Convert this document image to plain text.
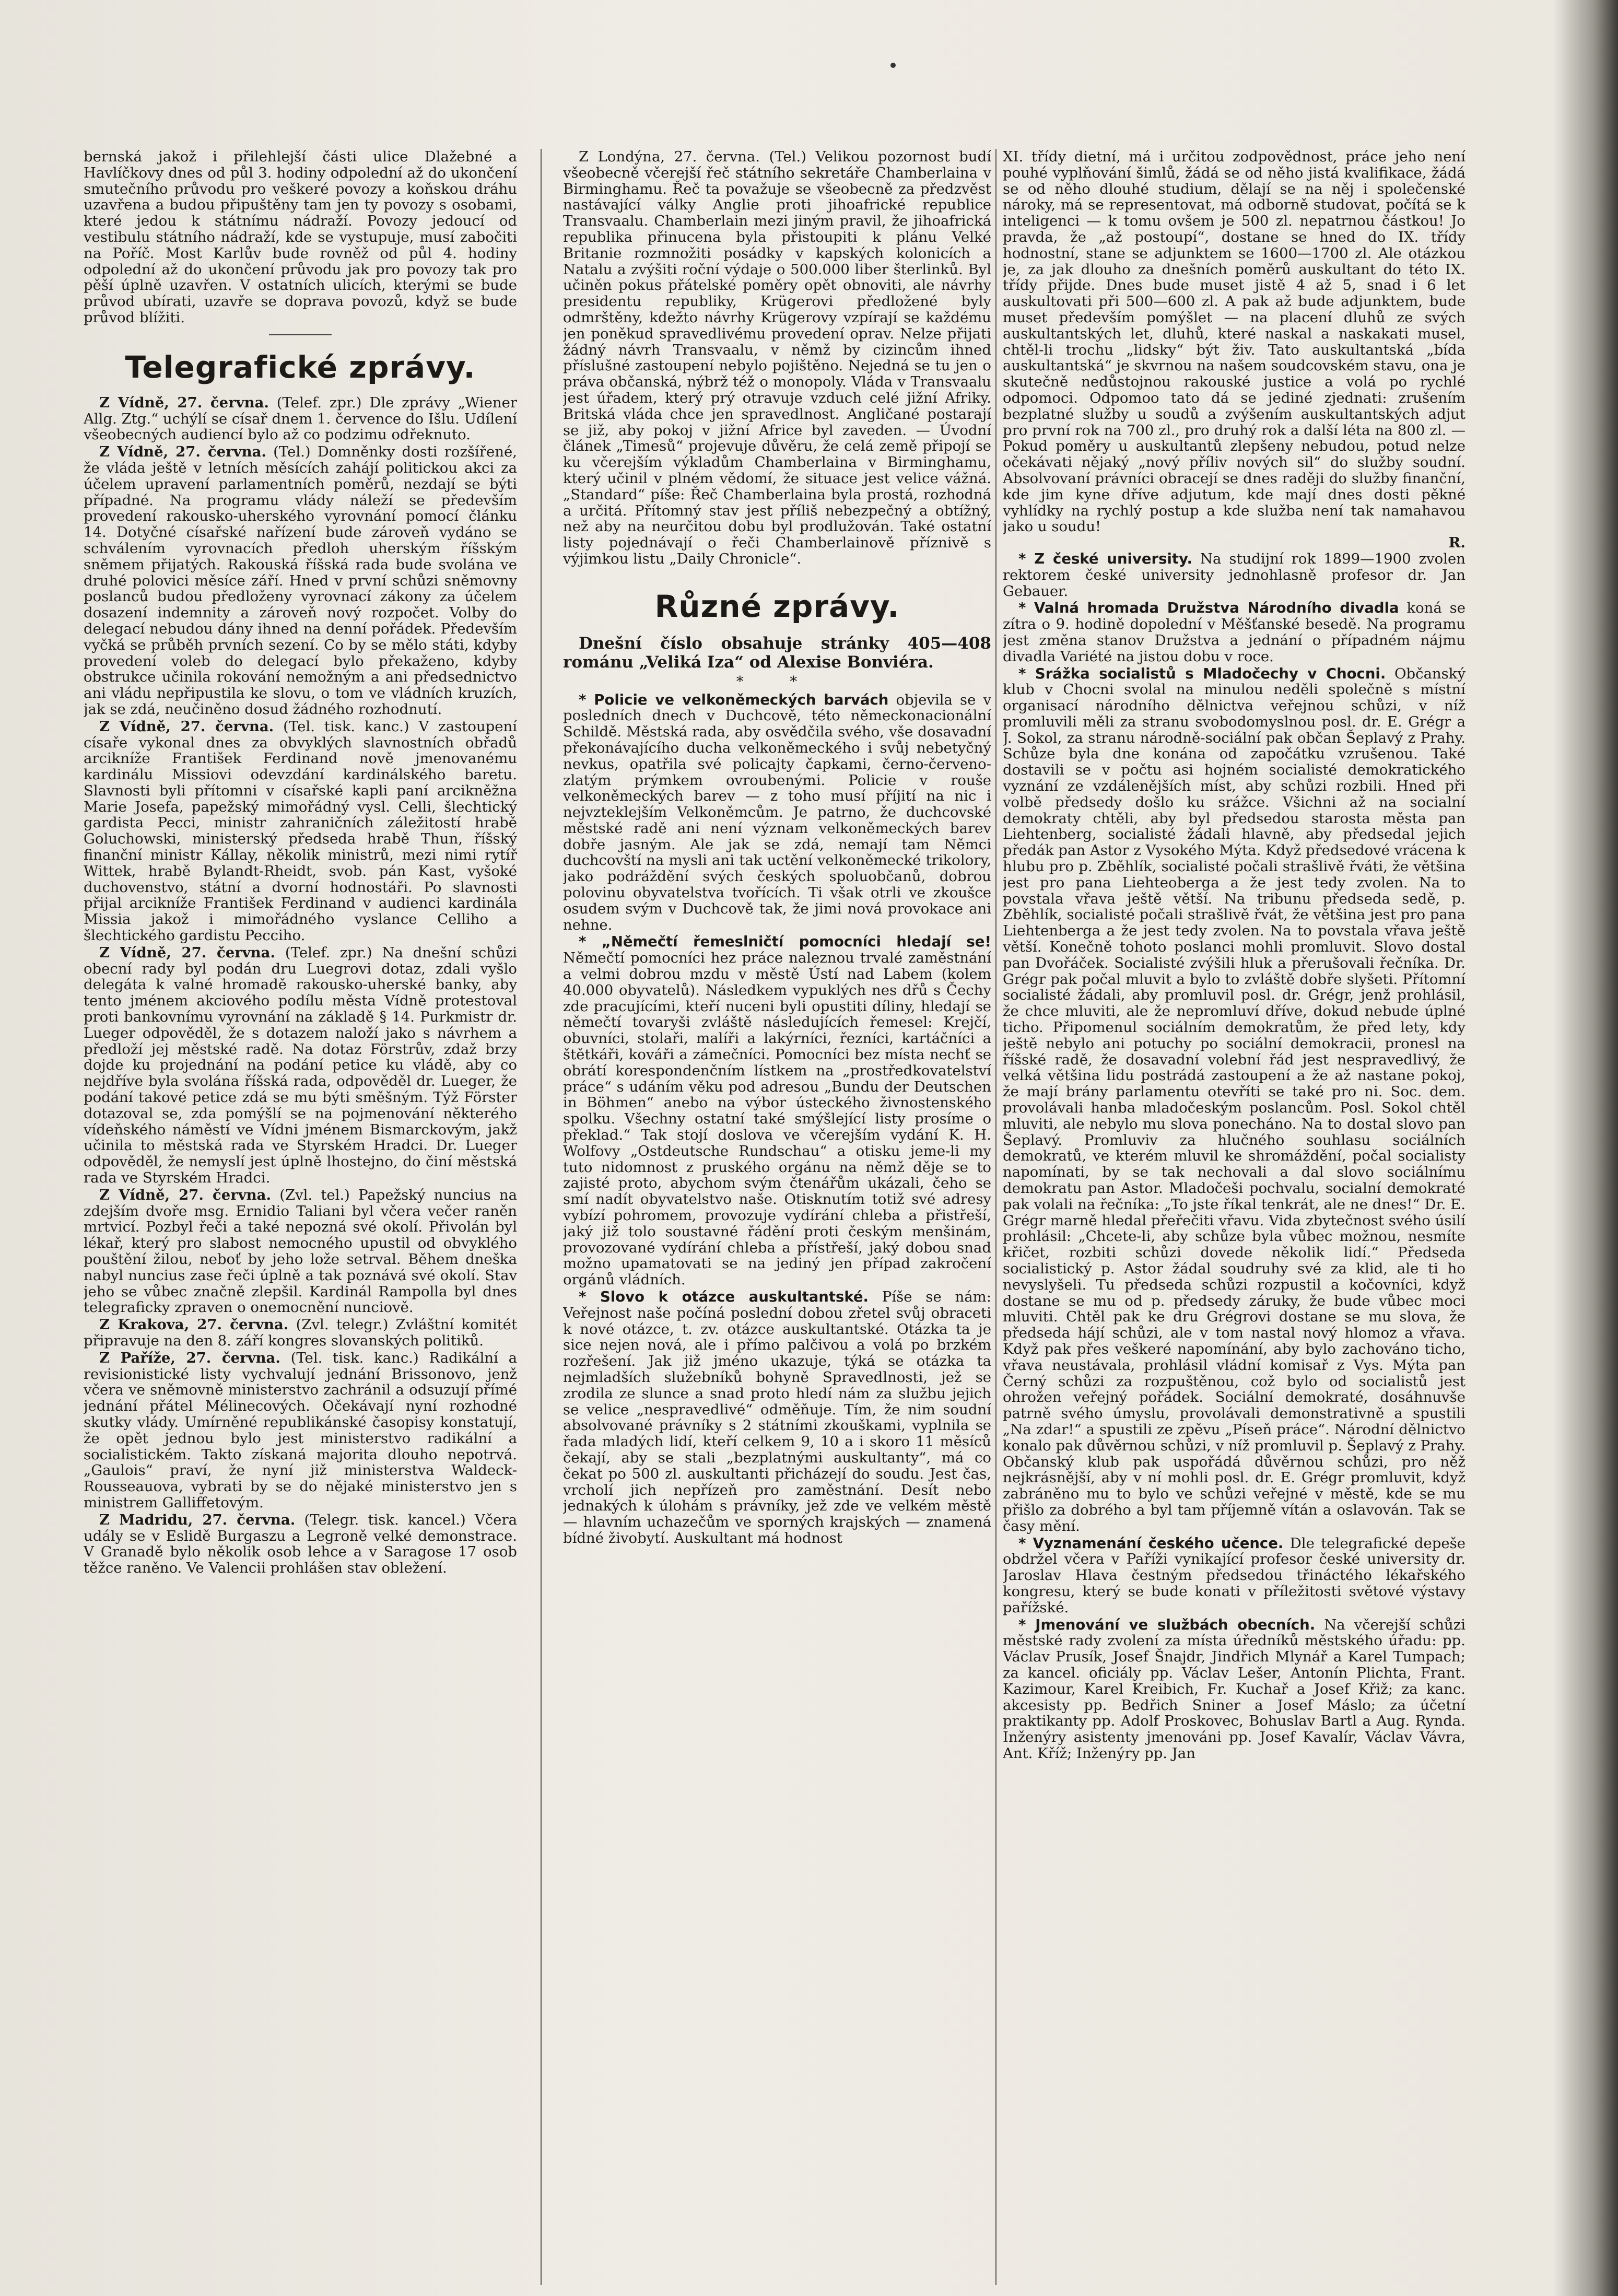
bernská jakož i přilehlejší části ulice Dlažebné a Havlíčkovy dnes od půl 3. hodiny odpolední až do ukončení smutečního průvodu pro veškeré povozy a koňskou dráhu uzavřena a budou připuštěny tam jen ty povozy s osobami, které jedou k státnímu nádraží. Povozy jedoucí od vestibulu státního nádraží, kde se vystupuje, musí zabočiti na Poříč. Most Karlův bude rovněž od půl 4. hodiny odpolední až do ukončení průvodu jak pro povozy tak pro pěší úplně uzavřen. V ostatních ulicích, kterými se bude průvod ubírati, uzavře se doprava povozů, když se bude průvod blížiti.

Telegrafické zprávy.

Z Vídně, 27. června. (Telef. zpr.) Dle zprávy „Wiener Allg. Ztg.“ uchýlí se císař dnem 1. července do Išlu. Udílení všeobecných audiencí bylo až co podzimu odřeknuto.

Z Vídně, 27. června. (Tel.) Domněnky dosti rozšířené, že vláda ještě v letních měsících zahájí politickou akci za účelem upravení parlamentních poměrů, nezdají se býti případné. Na programu vlády náleží se především provedení rakousko-uherského vyrovnání pomocí článku 14. Dotyčné císařské nařízení bude zároveň vydáno se schválením vyrovnacích předloh uherským říšským sněmem přijatých. Rakouská říšská rada bude svolána ve druhé polovici měsíce září. Hned v první schůzi sněmovny poslanců budou předloženy vyrovnací zákony za účelem dosazení indemnity a zároveň nový rozpočet. Volby do delegací nebudou dány ihned na denní pořádek. Především vyčká se průběh prvních sezení. Co by se mělo státi, kdyby provedení voleb do delegací bylo překaženo, kdyby obstrukce učinila rokování nemožným a ani předsednictvo ani vládu nepřipustila ke slovu, o tom ve vládních kruzích, jak se zdá, neučiněno dosud žádného rozhodnutí.

Z Vídně, 27. června. (Tel. tisk. kanc.) V zastoupení císaře vykonal dnes za obvyklých slavnostních obřadů arcikníže František Ferdinand nově jmenovanému kardinálu Missiovi odevzdání kardinálského baretu. Slavnosti byli přítomni v císařské kapli paní arcikněžna Marie Josefa, papežský mimořádný vysl. Celli, šlechtický gardista Pecci, ministr zahraničních záležitostí hrabě Goluchowski, ministerský předseda hrabě Thun, říšský finanční ministr Kállay, několik ministrů, mezi nimi rytíř Wittek, hrabě Bylandt-Rheidt, svob. pán Kast, vyšoké duchovenstvo, státní a dvorní hodnostáři. Po slavnosti přijal arcikníže František Ferdinand v audienci kardinála Missia jakož i mimořádného vyslance Celliho a šlechtického gardistu Pecciho.

Z Vídně, 27. června. (Telef. zpr.) Na dnešní schůzi obecní rady byl podán dru Luegrovi dotaz, zdali vyšlo delegáta k valné hromadě rakousko-uherské banky, aby tento jménem akciového podílu města Vídně protestoval proti bankovnímu vyrovnání na základě § 14. Purkmistr dr. Lueger odpověděl, že s dotazem naloží jako s návrhem a předloží jej městské radě. Na dotaz Förstrův, zdaž brzy dojde ku projednání na podání petice ku vládě, aby co nejdříve byla svolána říšská rada, odpověděl dr. Lueger, že podání takové petice zdá se mu býti směšným. Týž Förster dotazoval se, zda pomýšlí se na pojmenování některého vídeňského náměstí ve Vídni jménem Bismarckovým, jakž učinila to městská rada ve Styrském Hradci. Dr. Lueger odpověděl, že nemyslí jest úplně lhostejno, do činí městská rada ve Styrském Hradci.

Z Vídně, 27. června. (Zvl. tel.) Papežský nuncius na zdejším dvoře msg. Ernidio Taliani byl včera večer raněn mrtvicí. Pozbyl řeči a také nepozná své okolí. Přivolán byl lékař, který pro slabost nemocného upustil od obvyklého pouštění žilou, neboť by jeho lože setrval. Během dneška nabyl nuncius zase řeči úplně a tak poznává své okolí. Stav jeho se vůbec značně zlepšil. Kardinál Rampolla byl dnes telegraficky zpraven o onemocnění nunciově.

Z Krakova, 27. června. (Zvl. telegr.) Zvláštní komitét připravuje na den 8. září kongres slovanských politiků.

Z Paříže, 27. června. (Tel. tisk. kanc.) Radikální a revisionistické listy vychvalují jednání Brissonovo, jenž včera ve sněmovně ministerstvo zachránil a odsuzují přímé jednání přátel Mélinecových. Očekávají nyní rozhodné skutky vlády. Umírněné republikánské časopisy konstatují, že opět jednou bylo jest ministerstvo radikální a socialistickém. Takto získaná majorita dlouho nepotrvá. „Gaulois“ praví, že nyní již ministerstva Waldeck-Rousseauova, vybrati by se do nějaké ministerstvo jen s ministrem Galliffetovým.

Z Madridu, 27. června. (Telegr. tisk. kancel.) Včera udály se v Eslidě Burgaszu a Legroně velké demonstrace. V Granadě bylo několik osob lehce a v Saragose 17 osob těžce raněno. Ve Valencii prohlášen stav obležení.

Z Londýna, 27. června. (Tel.) Velikou pozornost budí všeobecně včerejší řeč státního sekretáře Chamberlaina v Birminghamu. Řeč ta považuje se všeobecně za předzvěst nastávající války Anglie proti jihoafrické republice Transvaalu. Chamberlain mezi jiným pravil, že jihoafrická republika přinucena byla přistoupiti k plánu Velké Britanie rozmnožiti posádky v kapských kolonicích a Natalu a zvýšiti roční výdaje o 500.000 liber šterlinků. Byl učiněn pokus přátelské poměry opět obnoviti, ale návrhy presidentu republiky, Krügerovi předložené byly odmrštěny, kdežto návrhy Krügerovy vzpírají se každému jen poněkud spravedlivému provedení oprav. Nelze přijati žádný návrh Transvaalu, v němž by cizincům ihned příslušné zastoupení nebylo pojištěno. Nejedná se tu jen o práva občanská, nýbrž též o monopoly. Vláda v Transvaalu jest úřadem, který prý otravuje vzduch celé jižní Afriky. Britská vláda chce jen spravedlnost. Angličané postarají se již, aby pokoj v jižní Africe byl zaveden. — Úvodní článek „Timesů“ projevuje důvěru, že celá země připojí se ku včerejším výkladům Chamberlaina v Birminghamu, který učinil v plném vědomí, že situace jest velice vážná. „Standard“ píše: Řeč Chamberlaina byla prostá, rozhodná a určitá. Přítomný stav jest příliš nebezpečný a obtížný, než aby na neurčitou dobu byl prodlužován. Také ostatní listy pojednávají o řeči Chamberlainově příznivě s výjimkou listu „Daily Chronicle“.

Různé zprávy.

Dnešní číslo obsahuje stránky 405—408 románu „Veliká Iza“ od Alexise Bonviéra.

* *

* Policie ve velkoněmeckých barvách objevila se v posledních dnech v Duchcově, této německonacionální Schildě. Městská rada, aby osvědčila svého, vše dosavadní překonávajícího ducha velkoněmeckého i svůj nebetyčný nevkus, opatřila své policajty čapkami, černo-červeno-zlatým prýmkem ovroubenými. Policie v rouše velkoněmeckých barev — z toho musí příjití na nic i nejvzteklejším Velkoněmcům. Je patrno, že duchcovské městské radě ani není význam velkoněmeckých barev dobře jasným. Ale jak se zdá, nemají tam Němci duchcovští na mysli ani tak uctění velkoněmecké trikolory, jako podráždění svých českých spoluobčanů, dobrou polovinu obyvatelstva tvořících. Ti však otrli ve zkoušce osudem svým v Duchcově tak, že jimi nová provokace ani nehne.

* „Němečtí řemeslničtí pomocníci hledají se! Němečtí pomocníci hez práce naleznou trvalé zaměstnání a velmi dobrou mzdu v městě Ústí nad Labem (kolem 40.000 obyvatelů). Následkem vypuklých nes dřů s Čechy zde pracujícími, kteří nuceni byli opustiti díliny, hledají se němečtí tovaryši zvláště následujících řemesel: Krejčí, obuvníci, stolaři, malíři a lakýrníci, řezníci, kartáčníci a štětkáři, kováři a zámečníci. Pomocníci bez místa nechť se obrátí korespondenčním lístkem na „prostředkovatelství práce“ s udáním věku pod adresou „Bundu der Deutschen in Böhmen“ anebo na výbor ústeckého živnostenského spolku. Všechny ostatní také smýšlející listy prosíme o překlad.“ Tak stojí doslova ve včerejším vydání K. H. Wolfovy „Ostdeutsche Rundschau“ a otisku jeme-li my tuto nidomnost z pruského orgánu na němž děje se to zajisté proto, abychom svým čtenářům ukázali, čeho se smí nadít obyvatelstvo naše. Otisknutím totiž své adresy vybízí pohromem, provozuje vydírání chleba a přistřeší, jaký již tolo soustavné řádění proti českým menšinám, provozované vydírání chleba a přístřeší, jaký dobou snad možno upamatovati se na jediný jen případ zakročení orgánů vládních.

* Slovo k otázce auskultantské. Píše se nám: Veřejnost naše počíná poslední dobou zřetel svůj obraceti k nové otázce, t. zv. otázce auskultantské. Otázka ta je sice nejen nová, ale i přímo palčivou a volá po brzkém rozřešení. Jak již jméno ukazuje, týká se otázka ta nejmladších služebníků bohyně Spravedlnosti, jež se zrodila ze slunce a snad proto hledí nám za službu jejich se velice „nespravedlivé“ odměňuje. Tím, že nim soudní absolvované právníky s 2 státními zkouškami, vyplnila se řada mladých lidí, kteří celkem 9, 10 a i skoro 11 měsíců čekají, aby se stali „bezplatnými auskultanty“, má co čekat po 500 zl. auskultanti přicházejí do soudu. Jest čas, vrcholí jich nepřízeň pro zaměstnání. Desít nebo jednakých k úlohám s právníky, jež zde ve velkém městě — hlavním uchazečům ve sporných krajských — znamená bídné živobytí. Auskultant má hodnost

XI. třídy dietní, má i určitou zodpovědnost, práce jeho není pouhé vyplňování šimlů, žádá se od něho jistá kvalifikace, žádá se od něho dlouhé studium, dělají se na něj i společenské nároky, má se representovat, má odborně studovat, počítá se k inteligenci — k tomu ovšem je 500 zl. nepatrnou částkou! Jo pravda, že „až postoupí“, dostane se hned do IX. třídy hodnostní, stane se adjunktem se 1600—1700 zl. Ale otázkou je, za jak dlouho za dnešních poměrů auskultant do této IX. třídy přijde. Dnes bude muset jistě 4 až 5, snad i 6 let auskultovati při 500—600 zl. A pak až bude adjunktem, bude muset především pomýšlet — na placení dluhů ze svých auskultantských let, dluhů, které naskal a naskakati musel, chtěl-li trochu „lidsky“ být živ. Tato auskultantská „bída auskultantská“ je skvrnou na našem soudcovském stavu, ona je skutečně nedůstojnou rakouské justice a volá po rychlé odpomoci. Odpomoo tato dá se jediné zjednati: zrušením bezplatné služby u soudů a zvýšením auskultantských adjut pro první rok na 700 zl., pro druhý rok a další léta na 800 zl. — Pokud poměry u auskultantů zlepšeny nebudou, potud nelze očekávati nějaký „nový příliv nových sil“ do služby soudní. Absolvovaní právníci obracejí se dnes raději do služby finanční, kde jim kyne dříve adjutum, kde mají dnes dosti pěkné vyhlídky na rychlý postup a kde služba není tak namahavou jako u soudu!

R.

* Z české university. Na studijní rok 1899—1900 zvolen rektorem české university jednohlasně profesor dr. Jan Gebauer.

* Valná hromada Družstva Národního divadla koná se zítra o 9. hodině dopolední v Měšťanské besedě. Na programu jest změna stanov Družstva a jednání o případném nájmu divadla Variété na jistou dobu v roce.

* Srážka socialistů s Mladočechy v Chocni. Občanský klub v Chocni svolal na minulou neděli společně s místní organisací národního dělnictva veřejnou schůzi, v níž promluvili měli za stranu svobodomyslnou posl. dr. E. Grégr a J. Sokol, za stranu národně-sociální pak občan Šeplavý z Prahy. Schůze byla dne konána od započátku vzrušenou. Také dostavili se v počtu asi hojném socialisté demokratického vyznání ze vzdálenějších míst, aby schůzi rozbili. Hned při volbě předsedy došlo ku srážce. Všichni až na socialní demokraty chtěli, aby byl předsedou starosta města pan Liehtenberg, socialisté žádali hlavně, aby předsedal jejich předák pan Astor z Vysokého Mýta. Když předsedové vrácena k hlubu pro p. Zběhlík, socialisté počali strašlivě řváti, že většina jest pro pana Liehteoberga a že jest tedy zvolen. Na to povstala vřava ještě větší. Na tribunu předseda sedě, p. Zběhlík, socialisté počali strašlivě řvát, že většina jest pro pana Liehtenberga a že jest tedy zvolen. Na to povstala vřava ještě větší. Konečně tohoto poslanci mohli promluvit. Slovo dostal pan Dvořáček. Socialisté zvýšili hluk a přerušovali řečníka. Dr. Grégr pak počal mluvit a bylo to zvláště dobře slyšeti. Přítomní socialisté žádali, aby promluvil posl. dr. Grégr, jenž prohlásil, že chce mluviti, ale že nepromluví dříve, dokud nebude úplné ticho. Připomenul sociálním demokratům, že před lety, kdy ještě nebylo ani potuchy po sociální demokracii, pronesl na říšské radě, že dosavadní volební řád jest nespravedlivý, že velká většina lidu postrádá zastoupení a že až nastane pokoj, že mají brány parlamentu otevříti se také pro ni. Soc. dem. provolávali hanba mladočeským poslancům. Posl. Sokol chtěl mluviti, ale nebylo mu slova ponecháno. Na to dostal slovo pan Šeplavý. Promluviv za hlučného souhlasu sociálních demokratů, ve kterém mluvil ke shromáždění, počal socialisty napomínati, by se tak nechovali a dal slovo sociálnímu demokratu pan Astor. Mladočeši pochvalu, socialní demokraté pak volali na řečníka: „To jste říkal tenkrát, ale ne dnes!“ Dr. E. Grégr marně hledal přeřečiti vřavu. Vida zbytečnost svého úsilí prohlásil: „Chcete-li, aby schůze byla vůbec možnou, nesmíte křičet, rozbiti schůzi dovede několik lidí.“ Předseda socialistický p. Astor žádal soudruhy své za klid, ale ti ho nevyslyšeli. Tu předseda schůzi rozpustil a kočovníci, když dostane se mu od p. předsedy záruky, že bude vůbec moci mluviti. Chtěl pak ke dru Grégrovi dostane se mu slova, že předseda hájí schůzi, ale v tom nastal nový hlomoz a vřava. Když pak přes veškeré napomínání, aby bylo zachováno ticho, vřava neustávala, prohlásil vládní komisař z Vys. Mýta pan Černý schůzi za rozpuštěnou, což bylo od socialistů jest ohrožen veřejný pořádek. Sociální demokraté, dosáhnuvše patrně svého úmyslu, provolávali demonstrativně a spustili „Na zdar!“ a spustili ze zpěvu „Píseň práce“. Národní dělnictvo konalo pak důvěrnou schůzi, v níž promluvil p. Šeplavý z Prahy. Občanský klub pak uspořádá důvěrnou schůzi, pro něž nejkrásnější, aby v ní mohli posl. dr. E. Grégr promluvit, když zabráněno mu to bylo ve schůzi veřejné v městě, kde se mu přišlo za dobrého a byl tam příjemně vítán a oslavován. Tak se časy mění.

* Vyznamenání českého učence. Dle telegrafické depeše obdržel včera v Paříži vynikající profesor české university dr. Jaroslav Hlava čestným předsedou třináctého lékařského kongresu, který se bude konati v příležitosti světové výstavy pařížské.

* Jmenování ve službách obecních. Na včerejší schůzi městské rady zvolení za místa úředníků městského úřadu: pp. Václav Prusík, Josef Šnajdr, Jindřich Mlynář a Karel Tumpach; za kancel. oficiály pp. Václav Lešer, Antonín Plichta, Frant. Kazimour, Karel Kreibich, Fr. Kuchař a Josef Křiž; za kanc. akcesisty pp. Bedřich Sniner a Josef Máslo; za účetní praktikanty pp. Adolf Proskovec, Bohuslav Bartl a Aug. Rynda. Inženýry asistenty jmenováni pp. Josef Kavalír, Václav Vávra, Ant. Kříž; Inženýry pp. Jan
